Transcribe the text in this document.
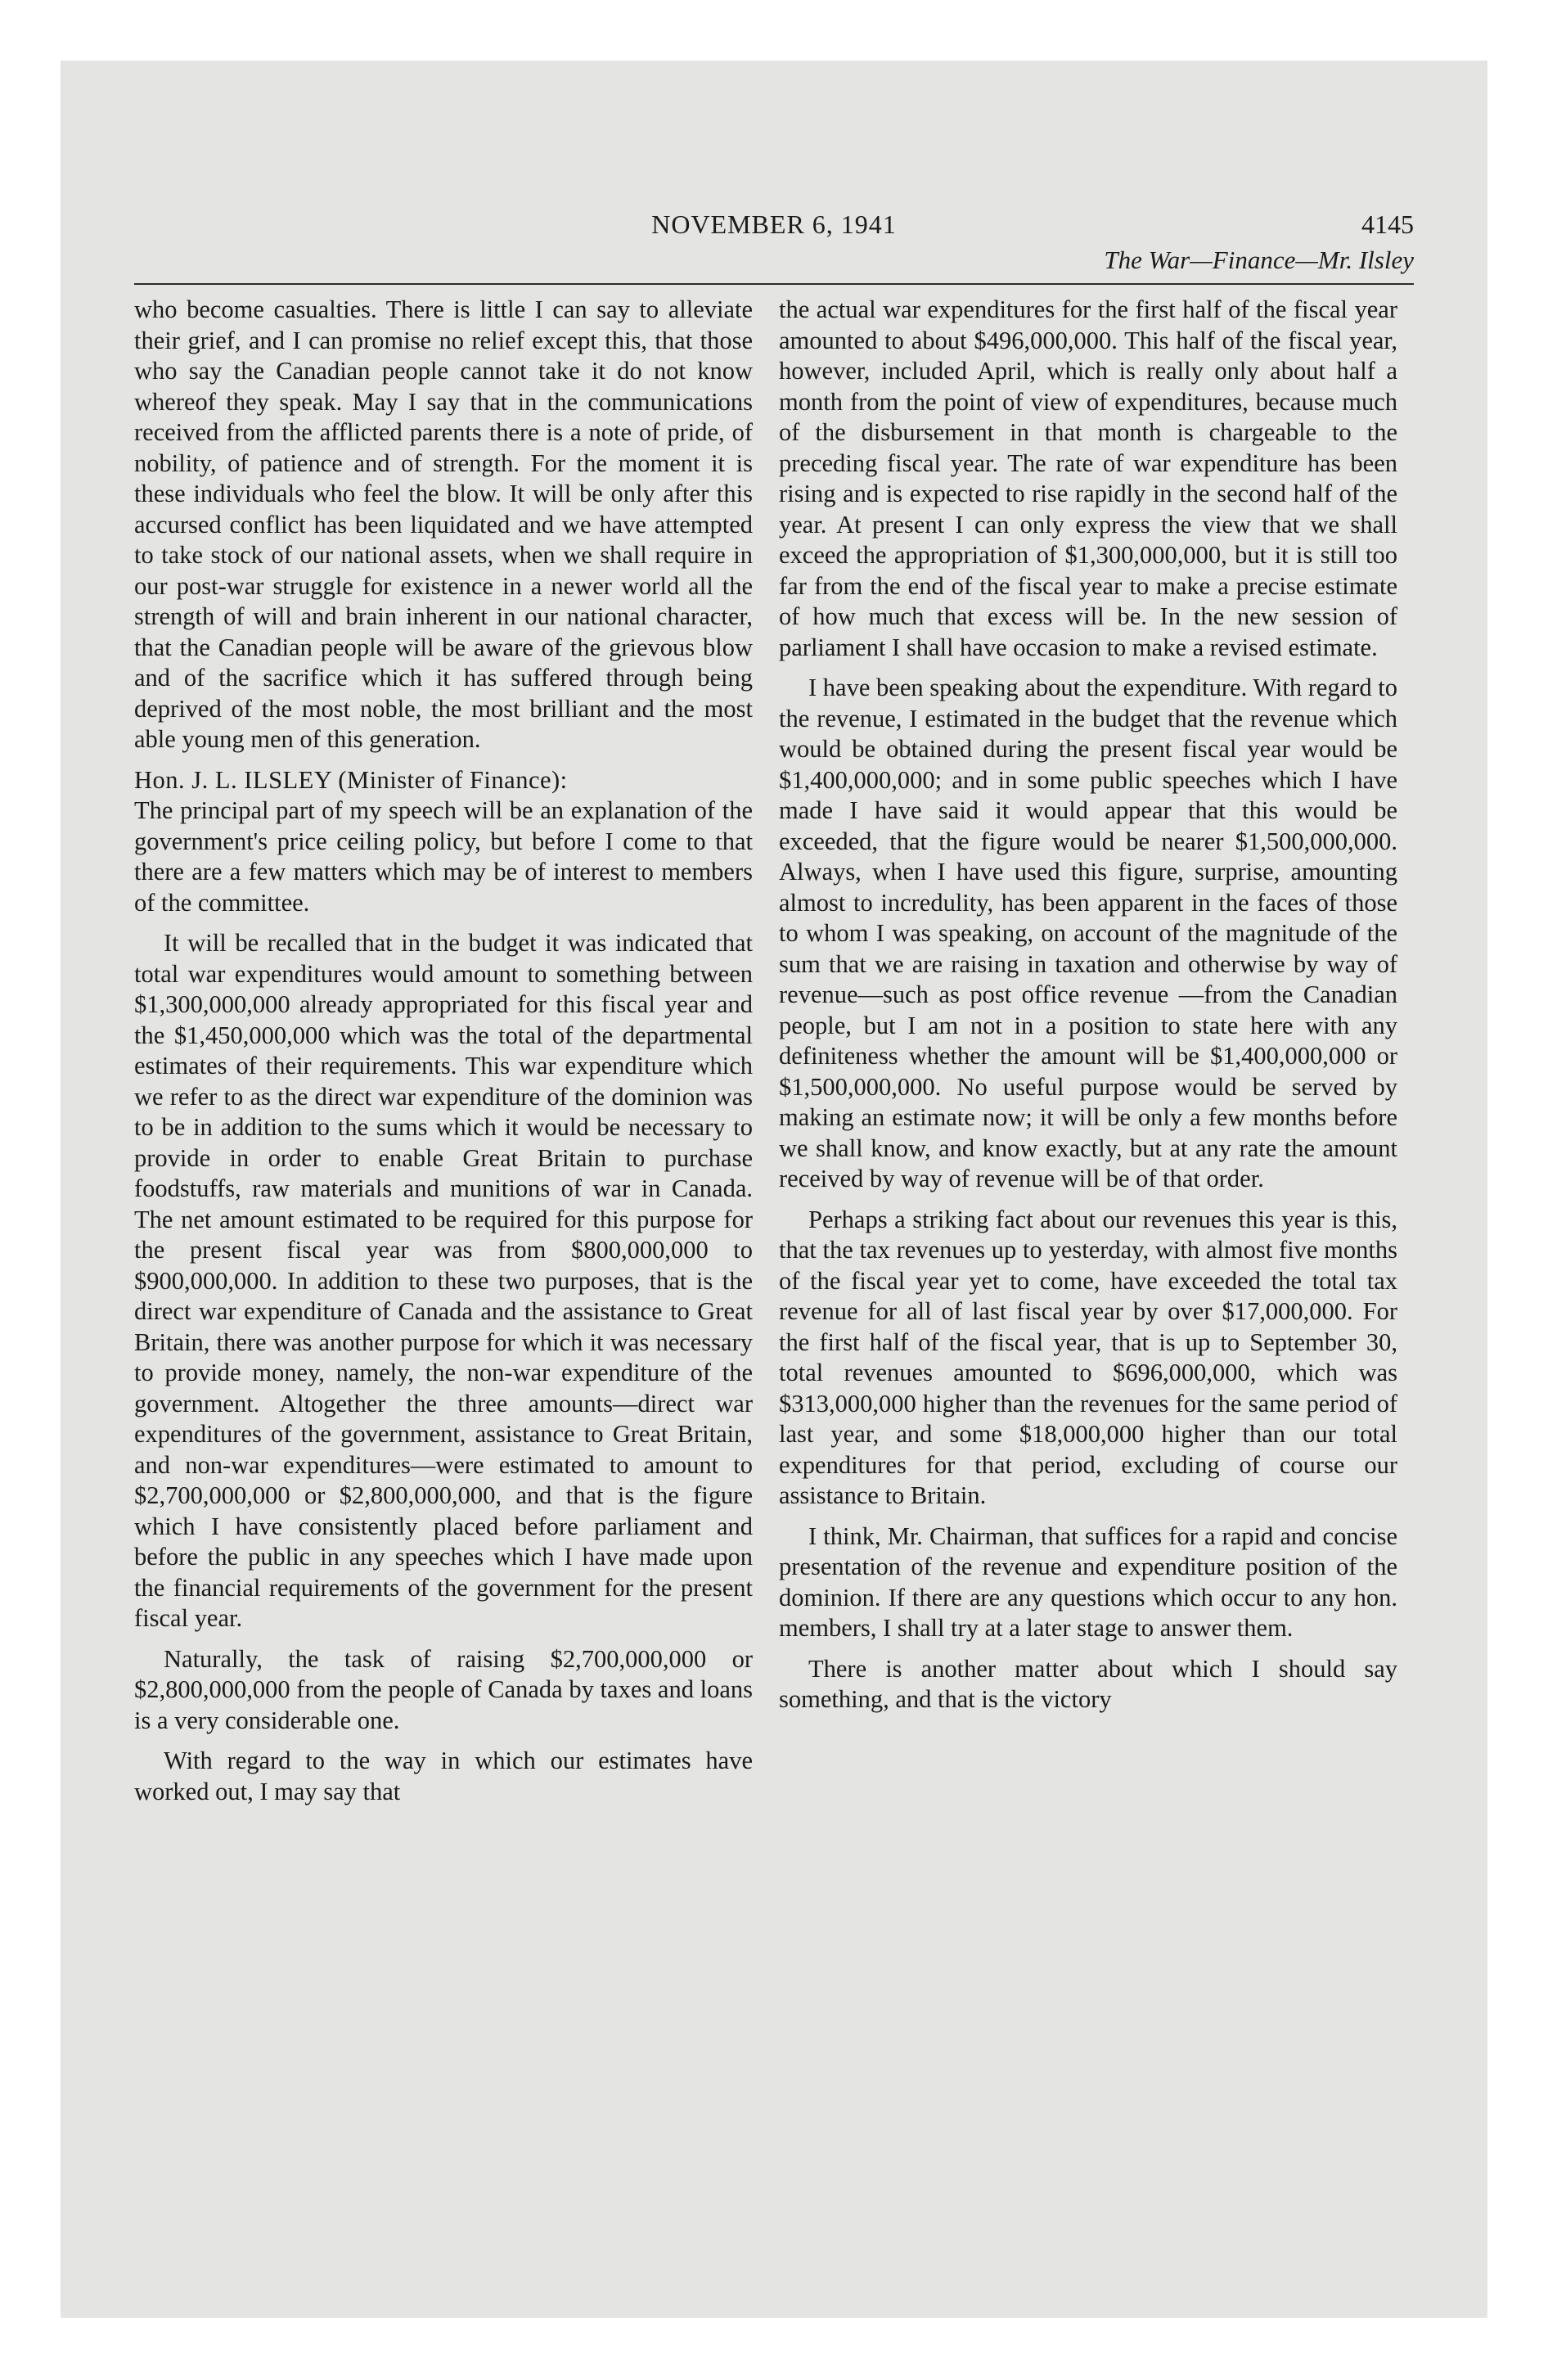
NOVEMBER 6, 1941	4145
The War—Finance—Mr. Ilsley

who become casualties. There is little I can say to alleviate their grief, and I can promise no relief except this, that those who say the Canadian people cannot take it do not know whereof they speak. May I say that in the communications received from the afflicted parents there is a note of pride, of nobility, of patience and of strength. For the moment it is these individuals who feel the blow. It will be only after this accursed conflict has been liquidated and we have attempted to take stock of our national assets, when we shall require in our post-war struggle for existence in a newer world all the strength of will and brain inherent in our national character, that the Canadian people will be aware of the grievous blow and of the sacrifice which it has suffered through being deprived of the most noble, the most brilliant and the most able young men of this generation.

Hon. J. L. ILSLEY (Minister of Finance):
The principal part of my speech will be an explanation of the government's price ceiling policy, but before I come to that there are a few matters which may be of interest to members of the committee.

It will be recalled that in the budget it was indicated that total war expenditures would amount to something between $1,300,000,000 already appropriated for this fiscal year and the $1,450,000,000 which was the total of the departmental estimates of their requirements. This war expenditure which we refer to as the direct war expenditure of the dominion was to be in addition to the sums which it would be necessary to provide in order to enable Great Britain to purchase foodstuffs, raw materials and munitions of war in Canada. The net amount estimated to be required for this purpose for the present fiscal year was from $800,000,000 to $900,000,000. In addition to these two purposes, that is the direct war expenditure of Canada and the assistance to Great Britain, there was another purpose for which it was necessary to provide money, namely, the non-war expenditure of the government. Altogether the three amounts—direct war expenditures of the government, assistance to Great Britain, and non-war expenditures—were estimated to amount to $2,700,000,000 or $2,800,000,000, and that is the figure which I have consistently placed before parliament and before the public in any speeches which I have made upon the financial requirements of the government for the present fiscal year.

Naturally, the task of raising $2,700,000,000 or $2,800,000,000 from the people of Canada by taxes and loans is a very considerable one.

With regard to the way in which our estimates have worked out, I may say that

the actual war expenditures for the first half of the fiscal year amounted to about $496,000,000. This half of the fiscal year, however, included April, which is really only about half a month from the point of view of expenditures, because much of the disbursement in that month is chargeable to the preceding fiscal year. The rate of war expenditure has been rising and is expected to rise rapidly in the second half of the year. At present I can only express the view that we shall exceed the appropriation of $1,300,000,000, but it is still too far from the end of the fiscal year to make a precise estimate of how much that excess will be. In the new session of parliament I shall have occasion to make a revised estimate.

I have been speaking about the expenditure. With regard to the revenue, I estimated in the budget that the revenue which would be obtained during the present fiscal year would be $1,400,000,000; and in some public speeches which I have made I have said it would appear that this would be exceeded, that the figure would be nearer $1,500,000,000. Always, when I have used this figure, surprise, amounting almost to incredulity, has been apparent in the faces of those to whom I was speaking, on account of the magnitude of the sum that we are raising in taxation and otherwise by way of revenue—such as post office revenue —from the Canadian people, but I am not in a position to state here with any definiteness whether the amount will be $1,400,000,000 or $1,500,000,000. No useful purpose would be served by making an estimate now; it will be only a few months before we shall know, and know exactly, but at any rate the amount received by way of revenue will be of that order.

Perhaps a striking fact about our revenues this year is this, that the tax revenues up to yesterday, with almost five months of the fiscal year yet to come, have exceeded the total tax revenue for all of last fiscal year by over $17,000,000. For the first half of the fiscal year, that is up to September 30, total revenues amounted to $696,000,000, which was $313,000,000 higher than the revenues for the same period of last year, and some $18,000,000 higher than our total expenditures for that period, excluding of course our assistance to Britain.

I think, Mr. Chairman, that suffices for a rapid and concise presentation of the revenue and expenditure position of the dominion. If there are any questions which occur to any hon. members, I shall try at a later stage to answer them.

There is another matter about which I should say something, and that is the victory
